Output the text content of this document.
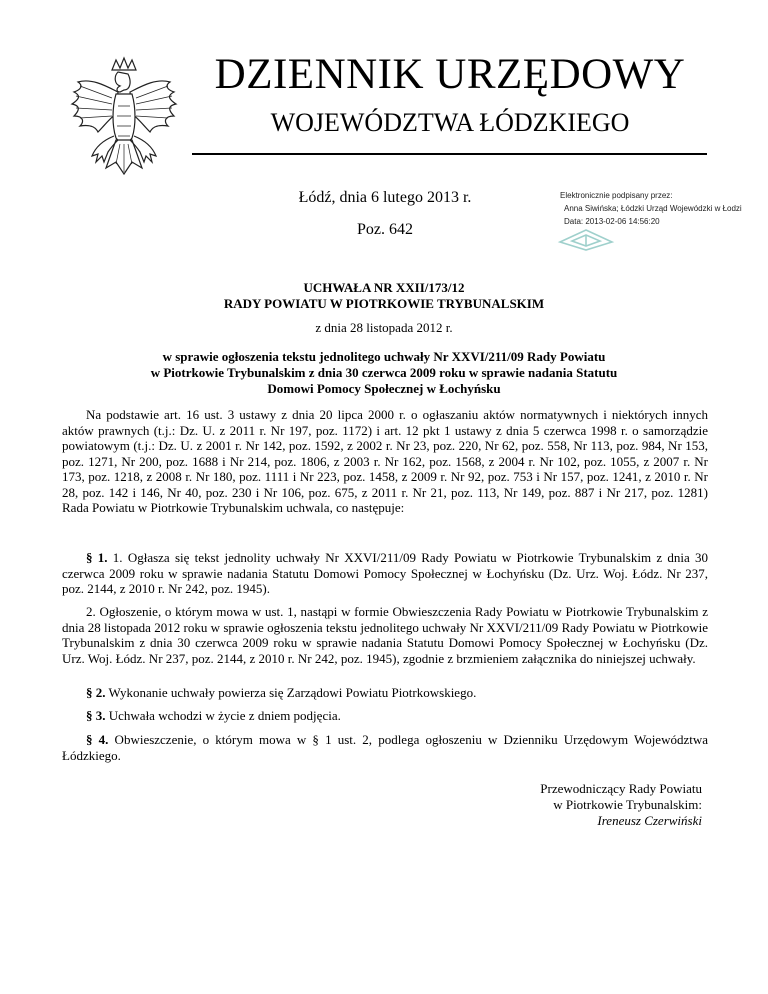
DZIENNIK URZĘDOWY
WOJEWÓDZTWA ŁÓDZKIEGO
Łódź, dnia 6 lutego 2013 r.
Poz. 642
Elektronicznie podpisany przez:
Anna Siwińska; Łódzki Urząd Wojewódzki w Łodzi
Data: 2013-02-06 14:56:20
UCHWAŁA NR XXII/173/12
RADY POWIATU W PIOTRKOWIE TRYBUNALSKIM
z dnia 28 listopada 2012 r.
w sprawie ogłoszenia tekstu jednolitego uchwały Nr XXVI/211/09 Rady Powiatu
w Piotrkowie Trybunalskim z dnia 30 czerwca 2009 roku w sprawie nadania Statutu
Domowi Pomocy Społecznej w Łochyńsku
Na podstawie art. 16 ust. 3 ustawy z dnia 20 lipca 2000 r. o ogłaszaniu aktów normatywnych i niektórych innych aktów prawnych (t.j.: Dz. U. z 2011 r. Nr 197, poz. 1172) i art. 12 pkt 1 ustawy z dnia 5 czerwca 1998 r. o samorządzie powiatowym (t.j.: Dz. U. z 2001 r. Nr 142, poz. 1592, z 2002 r. Nr 23, poz. 220, Nr 62, poz. 558, Nr 113, poz. 984, Nr 153, poz. 1271, Nr 200, poz. 1688 i Nr 214, poz. 1806, z 2003 r. Nr 162, poz. 1568, z 2004 r. Nr 102, poz. 1055, z 2007 r. Nr 173, poz. 1218, z 2008 r. Nr 180, poz. 1111 i Nr 223, poz. 1458, z 2009 r. Nr 92, poz. 753 i Nr 157, poz. 1241, z 2010 r. Nr 28, poz. 142 i 146, Nr 40, poz. 230 i Nr 106, poz. 675, z 2011 r. Nr 21, poz. 113, Nr 149, poz. 887 i Nr 217, poz. 1281) Rada Powiatu w Piotrkowie Trybunalskim uchwala, co następuje:
§ 1. 1. Ogłasza się tekst jednolity uchwały Nr XXVI/211/09 Rady Powiatu w Piotrkowie Trybunalskim z dnia 30 czerwca 2009 roku w sprawie nadania Statutu Domowi Pomocy Społecznej w Łochyńsku (Dz. Urz. Woj. Łódz. Nr 237, poz. 2144, z 2010 r. Nr 242, poz. 1945).
2. Ogłoszenie, o którym mowa w ust. 1, nastąpi w formie Obwieszczenia Rady Powiatu w Piotrkowie Trybunalskim z dnia 28 listopada 2012 roku w sprawie ogłoszenia tekstu jednolitego uchwały Nr XXVI/211/09 Rady Powiatu w Piotrkowie Trybunalskim z dnia 30 czerwca 2009 roku w sprawie nadania Statutu Domowi Pomocy Społecznej w Łochyńsku (Dz. Urz. Woj. Łódz. Nr 237, poz. 2144, z 2010 r. Nr 242, poz. 1945), zgodnie z brzmieniem załącznika do niniejszej uchwały.
§ 2. Wykonanie uchwały powierza się Zarządowi Powiatu Piotrkowskiego.
§ 3. Uchwała wchodzi w życie z dniem podjęcia.
§ 4. Obwieszczenie, o którym mowa w § 1 ust. 2, podlega ogłoszeniu w Dzienniku Urzędowym Województwa Łódzkiego.
Przewodniczący Rady Powiatu
w Piotrkowie Trybunalskim:
Ireneusz Czerwiński
